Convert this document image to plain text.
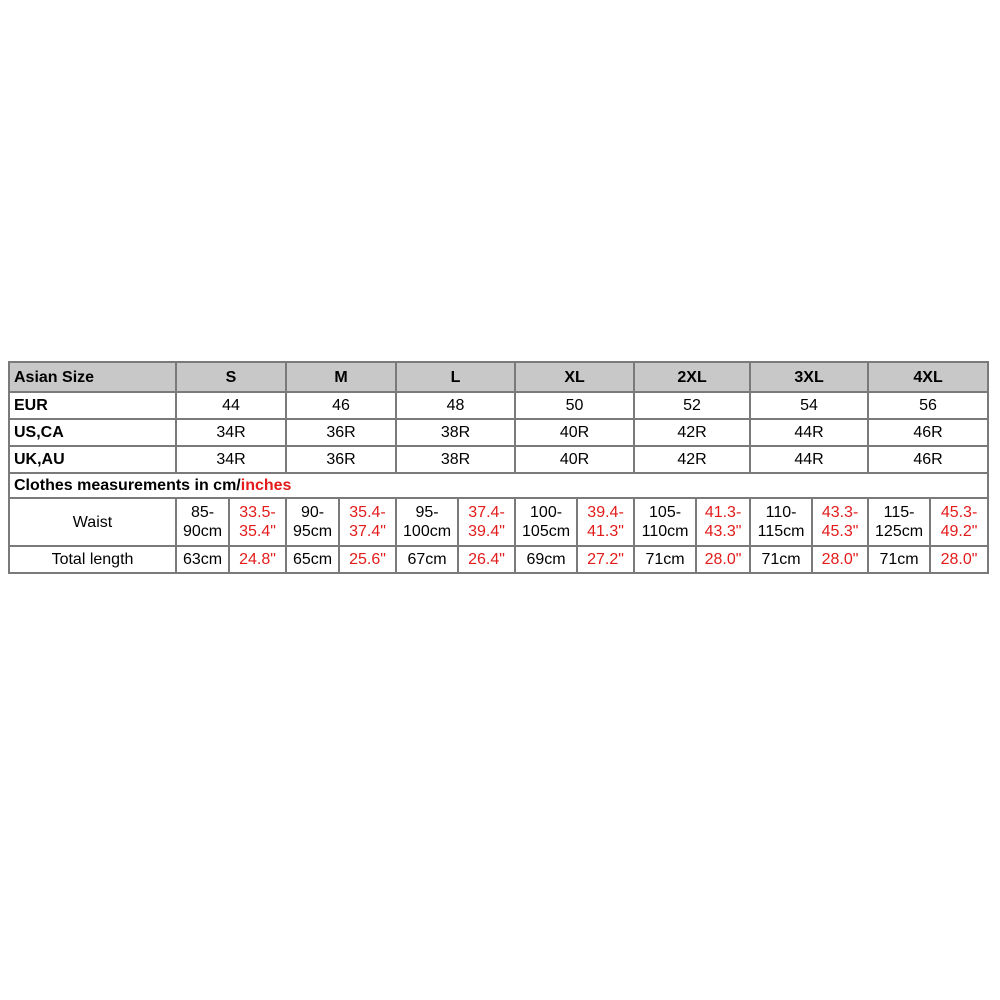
Asian Size	S		M		L		XL		2XL		3XL		4XL	
EUR	44		46		48		50		52		54		56	
US,CA	34R		36R		38R		40R		42R		44R		46R	
UK,AU	34R		36R		38R		40R		42R		44R		46R	
Clothes measurements in cm/inches														
Waist	85-90cm	33.5-35.4"	90-95cm	35.4-37.4"	95-100cm	37.4-39.4"	100-105cm	39.4-41.3"	105-110cm	41.3-43.3"	110-115cm	43.3-45.3"	115-125cm	45.3-49.2"
Total length	63cm	24.8"	65cm	25.6"	67cm	26.4"	69cm	27.2"	71cm	28.0"	71cm	28.0"	71cm	28.0"
